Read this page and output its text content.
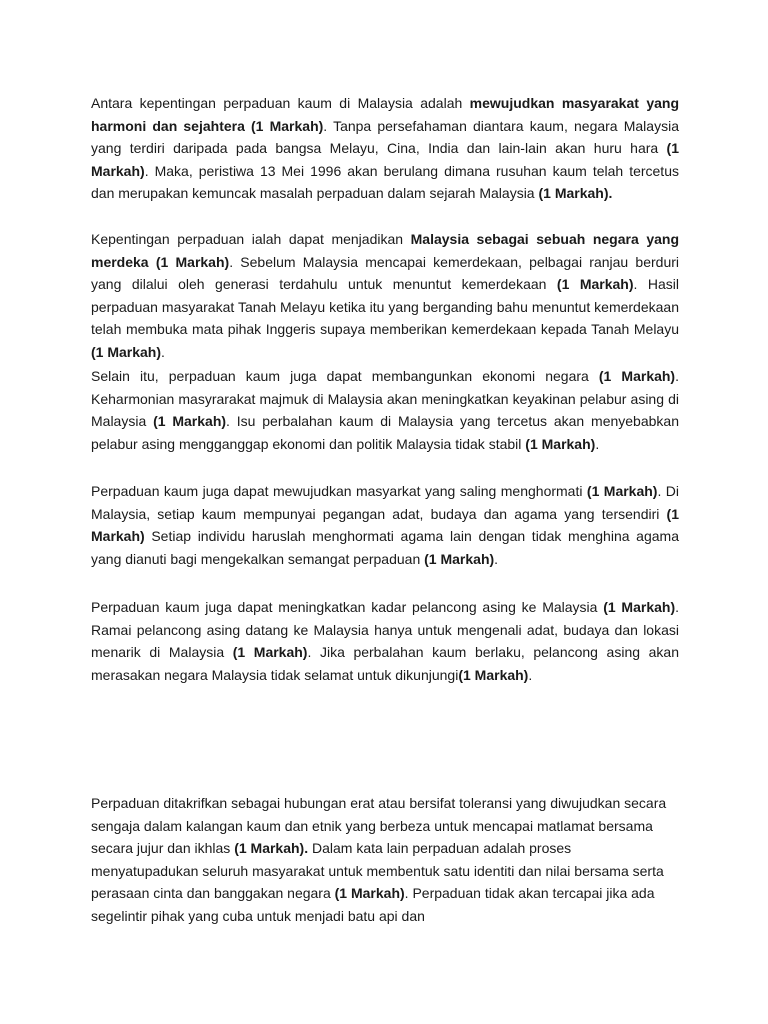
Antara kepentingan perpaduan kaum di Malaysia adalah mewujudkan masyarakat yang harmoni dan sejahtera (1 Markah). Tanpa persefahaman diantara kaum, negara Malaysia yang terdiri daripada pada bangsa Melayu, Cina, India dan lain-lain akan huru hara (1 Markah). Maka, peristiwa 13 Mei 1996 akan berulang dimana rusuhan kaum telah tercetus dan merupakan kemuncak masalah perpaduan dalam sejarah Malaysia (1 Markah).

Kepentingan perpaduan ialah dapat menjadikan Malaysia sebagai sebuah negara yang merdeka (1 Markah). Sebelum Malaysia mencapai kemerdekaan, pelbagai ranjau berduri yang dilalui oleh generasi terdahulu untuk menuntut kemerdekaan (1 Markah). Hasil perpaduan masyarakat Tanah Melayu ketika itu yang berganding bahu menuntut kemerdekaan telah membuka mata pihak Inggeris supaya memberikan kemerdekaan kepada Tanah Melayu (1 Markah).

Selain itu, perpaduan kaum juga dapat membangunkan ekonomi negara (1 Markah). Keharmonian masyrarakat majmuk di Malaysia akan meningkatkan keyakinan pelabur asing di Malaysia (1 Markah). Isu perbalahan kaum di Malaysia yang tercetus akan menyebabkan pelabur asing mengganggap ekonomi dan politik Malaysia tidak stabil (1 Markah).

Perpaduan kaum juga dapat mewujudkan masyarkat yang saling menghormati (1 Markah). Di Malaysia, setiap kaum mempunyai pegangan adat, budaya dan agama yang tersendiri (1 Markah) Setiap individu haruslah menghormati agama lain dengan tidak menghina agama yang dianuti bagi mengekalkan semangat perpaduan (1 Markah).

Perpaduan kaum juga dapat meningkatkan kadar pelancong asing ke Malaysia (1 Markah). Ramai pelancong asing datang ke Malaysia hanya untuk mengenali adat, budaya dan lokasi menarik di Malaysia (1 Markah). Jika perbalahan kaum berlaku, pelancong asing akan merasakan negara Malaysia tidak selamat untuk dikunjungi(1 Markah).

Perpaduan ditakrifkan sebagai hubungan erat atau bersifat toleransi yang diwujudkan secara sengaja dalam kalangan kaum dan etnik yang berbeza untuk mencapai matlamat bersama secara jujur dan ikhlas (1 Markah). Dalam kata lain perpaduan adalah proses menyatupadukan seluruh masyarakat untuk membentuk satu identiti dan nilai bersama serta perasaan cinta dan banggakan negara (1 Markah). Perpaduan tidak akan tercapai jika ada segelintir pihak yang cuba untuk menjadi batu api dan
